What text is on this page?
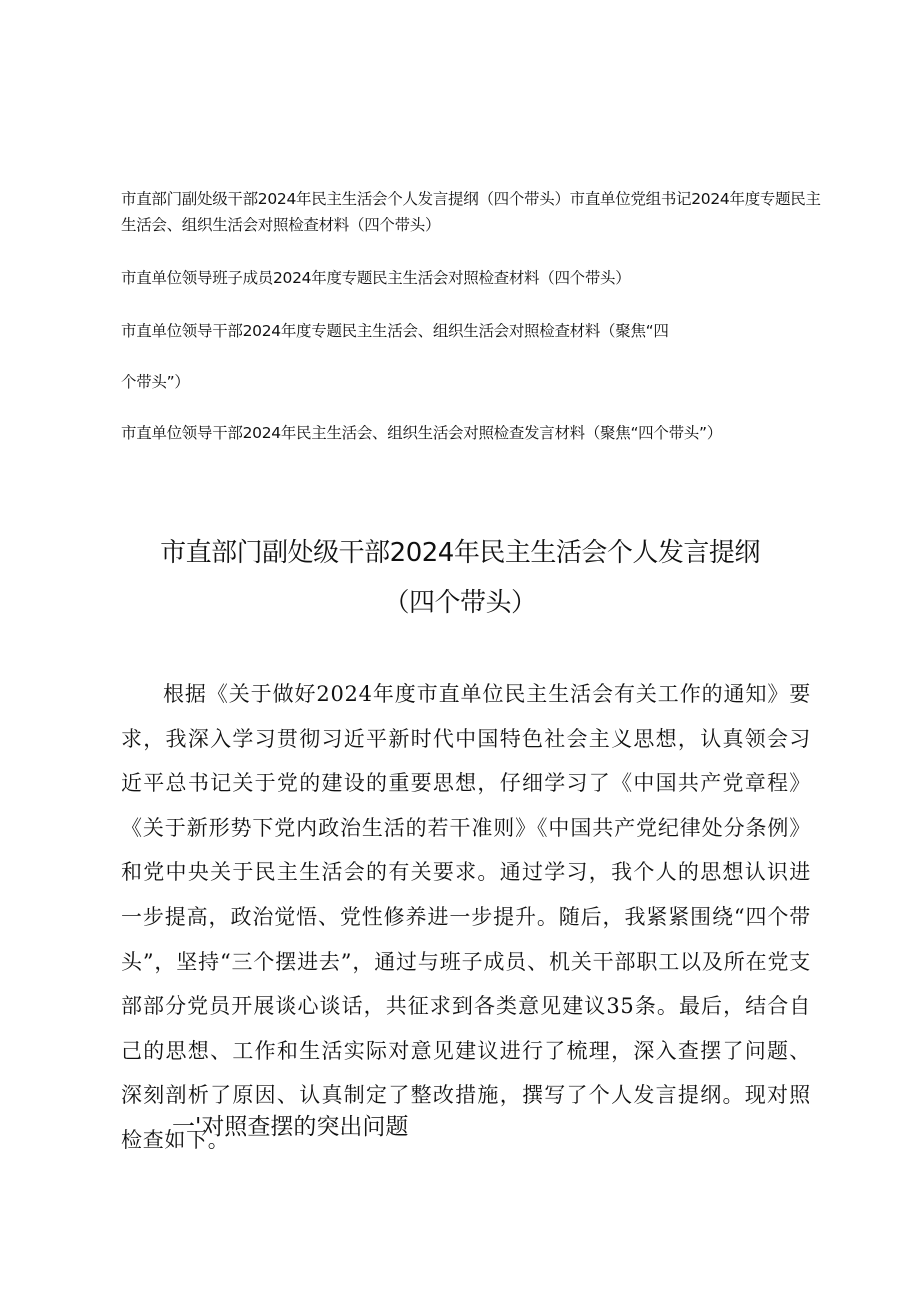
市直部门副处级干部2024年民主生活会个人发言提纲（四个带头）市直单位党组书记2024年度专题民主生活会、组织生活会对照检查材料（四个带头）
市直单位领导班子成员2024年度专题民主生活会对照检查材料（四个带头）
市直单位领导干部2024年度专题民主生活会、组织生活会对照检查材料（聚焦“四
个带头”）
市直单位领导干部2024年民主生活会、组织生活会对照检查发言材料（聚焦“四个带头”）
市直部门副处级干部2024年民主生活会个人发言提纲
（四个带头）
根据《关于做好2024年度市直单位民主生活会有关工作的通知》要求，我深入学习贯彻习近平新时代中国特色社会主义思想，认真领会习近平总书记关于党的建设的重要思想，仔细学习了《中国共产党章程》《关于新形势下党内政治生活的若干准则》《中国共产党纪律处分条例》和党中央关于民主生活会的有关要求。通过学习，我个人的思想认识进一步提高，政治觉悟、党性修养进一步提升。随后，我紧紧围绕“四个带头”，坚持“三个摆进去”，通过与班子成员、机关干部职工以及所在党支部部分党员开展谈心谈话，共征求到各类意见建议35条。最后，结合自己的思想、工作和生活实际对意见建议进行了梳理，深入查摆了问题、深刻剖析了原因、认真制定了整改措施，撰写了个人发言提纲。现对照检查如下。
一'对照查摆的突出问题
